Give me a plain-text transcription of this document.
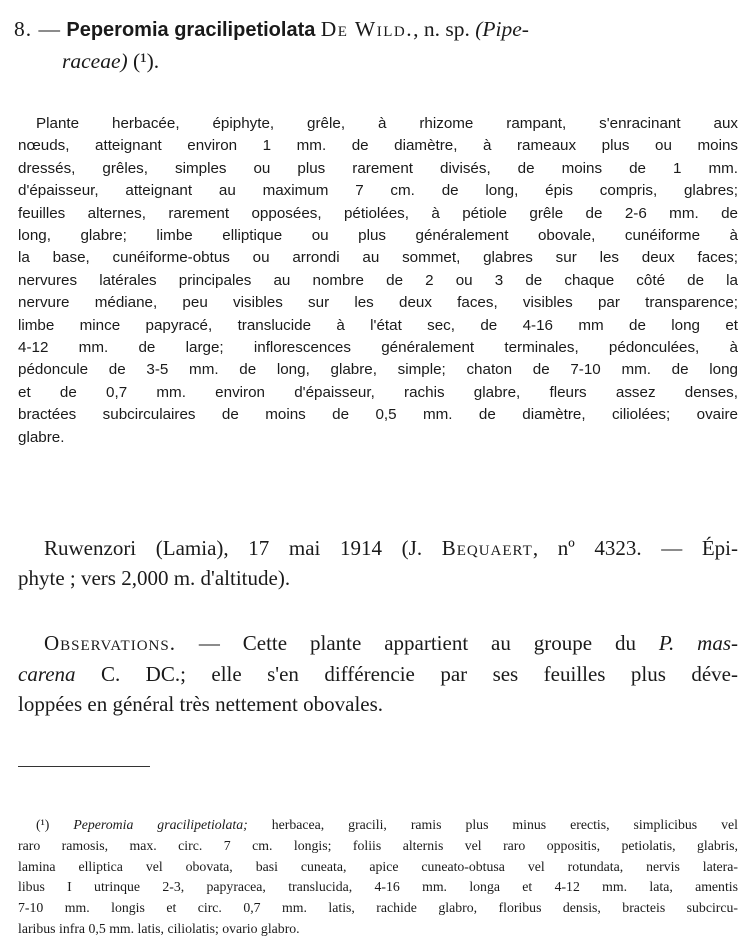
8. — Peperomia gracilipetiolata De Wild., n. sp. (Pipe-
raceae) (¹).
Plante herbacée, épiphyte, grêle, à rhizome rampant, s'enracinant aux
nœuds, atteignant environ 1 mm. de diamètre, à rameaux plus ou moins
dressés, grêles, simples ou plus rarement divisés, de moins de 1 mm.
d'épaisseur, atteignant au maximum 7 cm. de long, épis compris, glabres;
feuilles alternes, rarement opposées, pétiolées, à pétiole grêle de 2-6 mm. de
long, glabre; limbe elliptique ou plus généralement obovale, cunéiforme à
la base, cunéiforme-obtus ou arrondi au sommet, glabres sur les deux faces;
nervures latérales principales au nombre de 2 ou 3 de chaque côté de la
nervure médiane, peu visibles sur les deux faces, visibles par transparence;
limbe mince papyracé, translucide à l'état sec, de 4-16 mm de long et
4-12 mm. de large; inflorescences généralement terminales, pédonculées, à
pédoncule de 3-5 mm. de long, glabre, simple; chaton de 7-10 mm. de long
et de 0,7 mm. environ d'épaisseur, rachis glabre, fleurs assez denses,
bractées subcirculaires de moins de 0,5 mm. de diamètre, ciliolées; ovaire
glabre.
Ruwenzori (Lamia), 17 mai 1914 (J. Bequaert, nº 4323. — Épi-
phyte ; vers 2,000 m. d'altitude).
Observations. — Cette plante appartient au groupe du P. mas-
carena C. DC.; elle s'en différencie par ses feuilles plus déve-
loppées en général très nettement obovales.
(¹) Peperomia gracilipetiolata; herbacea, gracili, ramis plus minus erectis, simplicibus vel
raro ramosis, max. circ. 7 cm. longis; foliis alternis vel raro oppositis, petiolatis, glabris,
lamina elliptica vel obovata, basi cuneata, apice cuneato-obtusa vel rotundata, nervis latera-
libus I utrinque 2-3, papyracea, translucida, 4-16 mm. longa et 4-12 mm. lata, amentis
7-10 mm. longis et circ. 0,7 mm. latis, rachide glabro, floribus densis, bracteis subcircu-
laribus infra 0,5 mm. latis, ciliolatis; ovario glabro.
